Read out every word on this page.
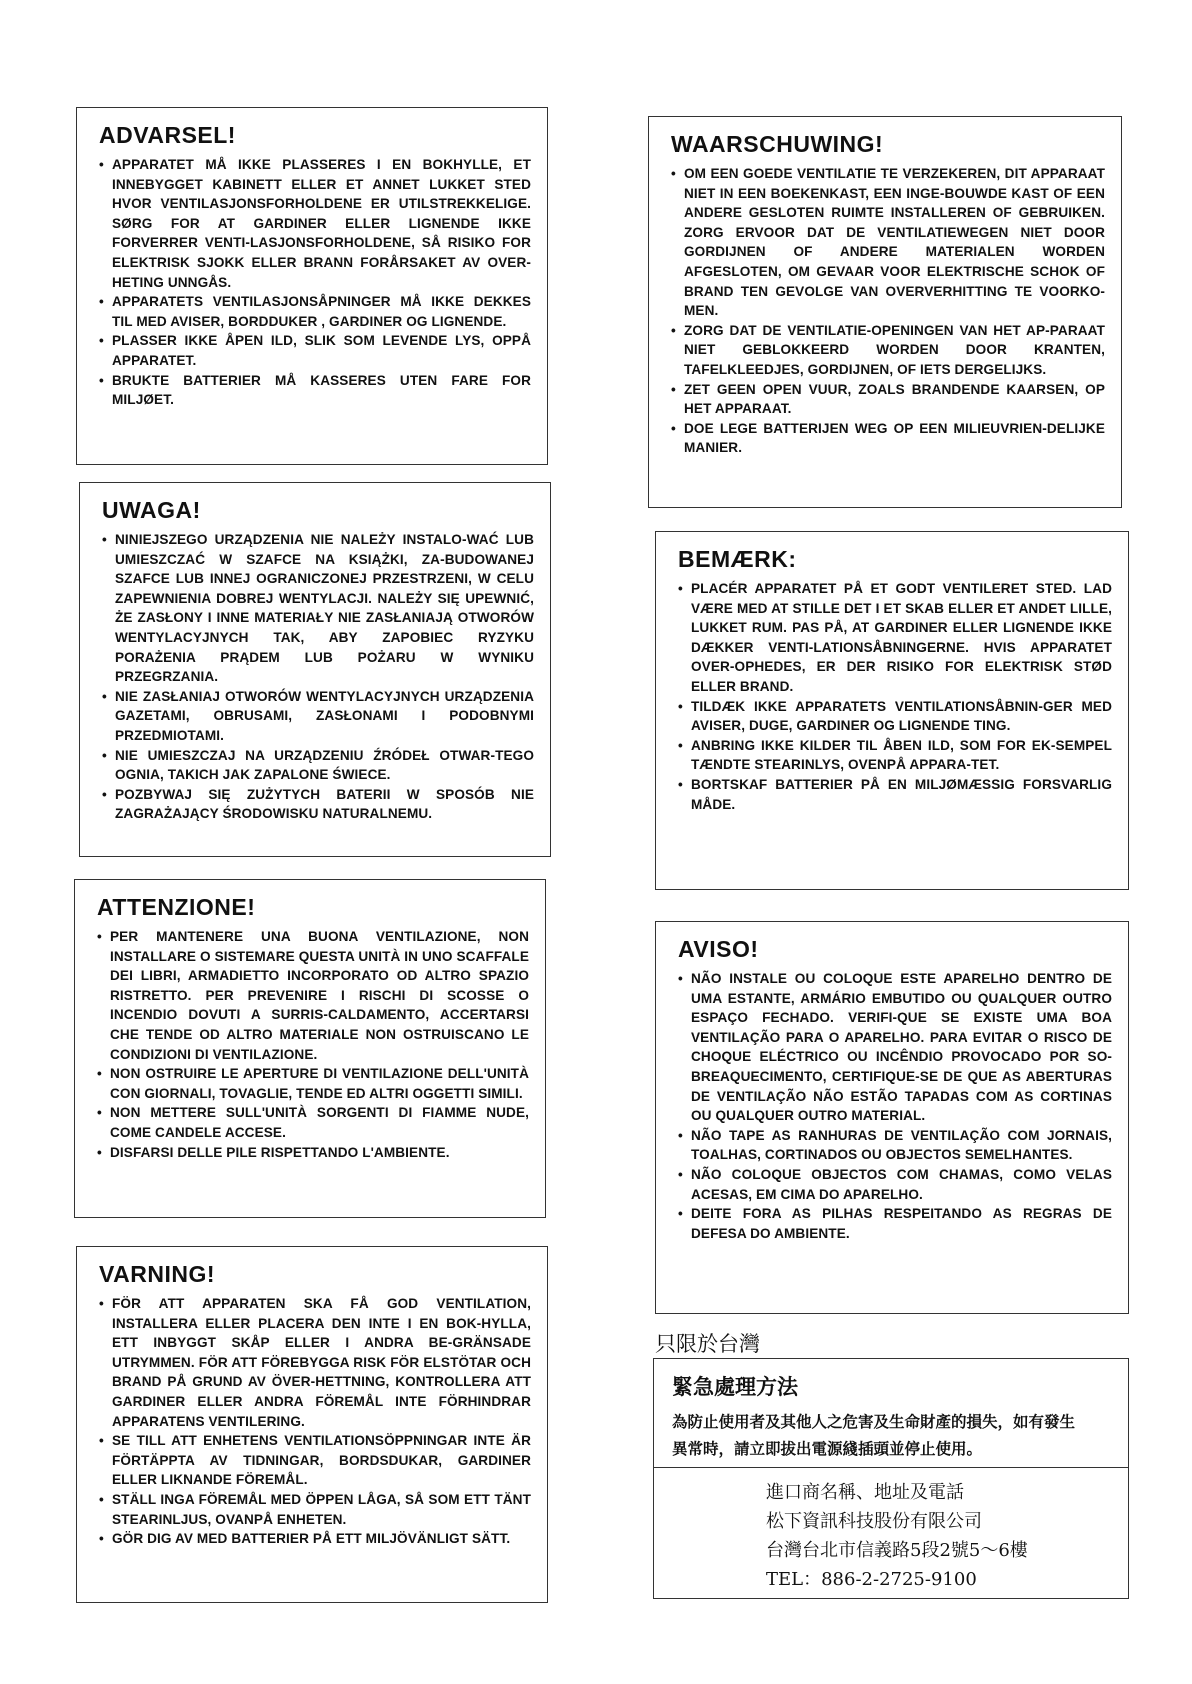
ADVARSEL!
• APPARATET MÅ IKKE PLASSERES I EN BOKHYLLE, ET INNEBYGGET KABINETT ELLER ET ANNET LUKKET STED HVOR VENTILASJONSFORHOLDENE ER UTILSTREKKELIGE. SØRG FOR AT GARDINER ELLER LIGNENDE IKKE FORVERRER VENTI-LASJONSFORHOLDENE, SÅ RISIKO FOR ELEKTRISK SJOKK ELLER BRANN FORÅRSAKET AV OVER-HETING UNNGÅS.
• APPARATETS VENTILASJONSÅPNINGER MÅ IKKE DEKKES TIL MED AVISER, BORDDUKER , GARDINER OG LIGNENDE.
• PLASSER IKKE ÅPEN ILD, SLIK SOM LEVENDE LYS, OPPÅ APPARATET.
• BRUKTE BATTERIER MÅ KASSERES UTEN FARE FOR MILJØET.
UWAGA!
• NINIEJSZEGO URZĄDZENIA NIE NALEŻY INSTALO-WAĆ LUB UMIESZCZAĆ W SZAFCE NA KSIĄŻKI, ZA-BUDOWANEJ SZAFCE LUB INNEJ OGRANICZONEJ PRZESTRZENI, W CELU ZAPEWNIENIA DOBREJ WENTYLACJI. NALEŻY SIĘ UPEWNIĆ, ŻE ZASŁONY I INNE MATERIAŁY NIE ZASŁANIAJĄ OTWORÓW WENTYLACYJNYCH TAK, ABY ZAPOBIEC RYZYKU PORAŻENIA PRĄDEM LUB POŻARU W WYNIKU PRZEGRZANIA.
• NIE ZASŁANIAJ OTWORÓW WENTYLACYJNYCH URZĄDZENIA GAZETAMI, OBRUSAMI, ZASŁONAMI I PODOBNYMI PRZEDMIOTAMI.
• NIE UMIESZCZAJ NA URZĄDZENIU ŹRÓDEŁ OTWAR-TEGO OGNIA, TAKICH JAK ZAPALONE ŚWIECE.
• POZBYWAJ SIĘ ZUŻYTYCH BATERII W SPOSÓB NIE ZAGRAŻAJĄCY ŚRODOWISKU NATURALNEMU.
ATTENZIONE!
• PER MANTENERE UNA BUONA VENTILAZIONE, NON INSTALLARE O SISTEMARE QUESTA UNITÀ IN UNO SCAFFALE DEI LIBRI, ARMADIETTO INCORPORATO OD ALTRO SPAZIO RISTRETTO. PER PREVENIRE I RISCHI DI SCOSSE O INCENDIO DOVUTI A SURRIS-CALDAMENTO, ACCERTARSI CHE TENDE OD ALTRO MATERIALE NON OSTRUISCANO LE CONDIZIONI DI VENTILAZIONE.
• NON OSTRUIRE LE APERTURE DI VENTILAZIONE DELL'UNITÀ CON GIORNALI, TOVAGLIE, TENDE ED ALTRI OGGETTI SIMILI.
• NON METTERE SULL'UNITÀ SORGENTI DI FIAMME NUDE, COME CANDELE ACCESE.
• DISFARSI DELLE PILE RISPETTANDO L'AMBIENTE.
VARNING!
• FÖR ATT APPARATEN SKA FÅ GOD VENTILATION, INSTALLERA ELLER PLACERA DEN INTE I EN BOK-HYLLA, ETT INBYGGT SKÅP ELLER I ANDRA BE-GRÄNSADE UTRYMMEN. FÖR ATT FÖREBYGGA RISK FÖR ELSTÖTAR OCH BRAND PÅ GRUND AV ÖVER-HETTNING, KONTROLLERA ATT GARDINER ELLER ANDRA FÖREMÅL INTE FÖRHINDRAR APPARATENS VENTILERING.
• SE TILL ATT ENHETENS VENTILATIONSÖPPNINGAR INTE ÄR FÖRTÄPPTA AV TIDNINGAR, BORDSDUKAR, GARDINER ELLER LIKNANDE FÖREMÅL.
• STÄLL INGA FÖREMÅL MED ÖPPEN LÅGA, SÅ SOM ETT TÄNT STEARINLJUS, OVANPÅ ENHETEN.
• GÖR DIG AV MED BATTERIER PÅ ETT MILJÖVÄNLIGT SÄTT.
WAARSCHUWING!
• OM EEN GOEDE VENTILATIE TE VERZEKEREN, DIT APPARAAT NIET IN EEN BOEKENKAST, EEN INGE-BOUWDE KAST OF EEN ANDERE GESLOTEN RUIMTE INSTALLEREN OF GEBRUIKEN. ZORG ERVOOR DAT DE VENTILATIEWEGEN NIET DOOR GORDIJNEN OF ANDERE MATERIALEN WORDEN AFGESLOTEN, OM GEVAAR VOOR ELEKTRISCHE SCHOK OF BRAND TEN GEVOLGE VAN OVERVERHITTING TE VOORKO-MEN.
• ZORG DAT DE VENTILATIE-OPENINGEN VAN HET AP-PARAAT NIET GEBLOKKEERD WORDEN DOOR KRANTEN, TAFELKLEEDJES, GORDIJNEN, OF IETS DERGELIJKS.
• ZET GEEN OPEN VUUR, ZOALS BRANDENDE KAARSEN, OP HET APPARAAT.
• DOE LEGE BATTERIJEN WEG OP EEN MILIEUVRIEN-DELIJKE MANIER.
BEMÆRK:
• PLACÉR APPARATET PÅ ET GODT VENTILERET STED. LAD VÆRE MED AT STILLE DET I ET SKAB ELLER ET ANDET LILLE, LUKKET RUM. PAS PÅ, AT GARDINER ELLER LIGNENDE IKKE DÆKKER VENTI-LATIONSÅBNINGERNE. HVIS APPARATET OVER-OPHEDES, ER DER RISIKO FOR ELEKTRISK STØD ELLER BRAND.
• TILDÆK IKKE APPARATETS VENTILATIONSÅBNIN-GER MED AVISER, DUGE, GARDINER OG LIGNENDE TING.
• ANBRING IKKE KILDER TIL ÅBEN ILD, SOM FOR EK-SEMPEL TÆNDTE STEARINLYS, OVENPÅ APPARA-TET.
• BORTSKAF BATTERIER PÅ EN MILJØMÆSSIG FORSVARLIG MÅDE.
AVISO!
• NÃO INSTALE OU COLOQUE ESTE APARELHO DENTRO DE UMA ESTANTE, ARMÁRIO EMBUTIDO OU QUALQUER OUTRO ESPAÇO FECHADO. VERIFI-QUE SE EXISTE UMA BOA VENTILAÇÃO PARA O APARELHO. PARA EVITAR O RISCO DE CHOQUE ELÉCTRICO OU INCÊNDIO PROVOCADO POR SO-BREAQUECIMENTO, CERTIFIQUE-SE DE QUE AS ABERTURAS DE VENTILAÇÃO NÃO ESTÃO TAPADAS COM AS CORTINAS OU QUALQUER OUTRO MATERIAL.
• NÃO TAPE AS RANHURAS DE VENTILAÇÃO COM JORNAIS, TOALHAS, CORTINADOS OU OBJECTOS SEMELHANTES.
• NÃO COLOQUE OBJECTOS COM CHAMAS, COMO VELAS ACESAS, EM CIMA DO APARELHO.
• DEITE FORA AS PILHAS RESPEITANDO AS REGRAS DE DEFESA DO AMBIENTE.
只限於台灣
緊急處理方法
為防止使用者及其他人之危害及生命財產的損失，如有發生
異常時，請立即拔出電源綫插頭並停止使用。
進口商名稱、地址及電話
松下資訊科技股份有限公司
台灣台北市信義路5段2號5～6樓
TEL：886-2-2725-9100
